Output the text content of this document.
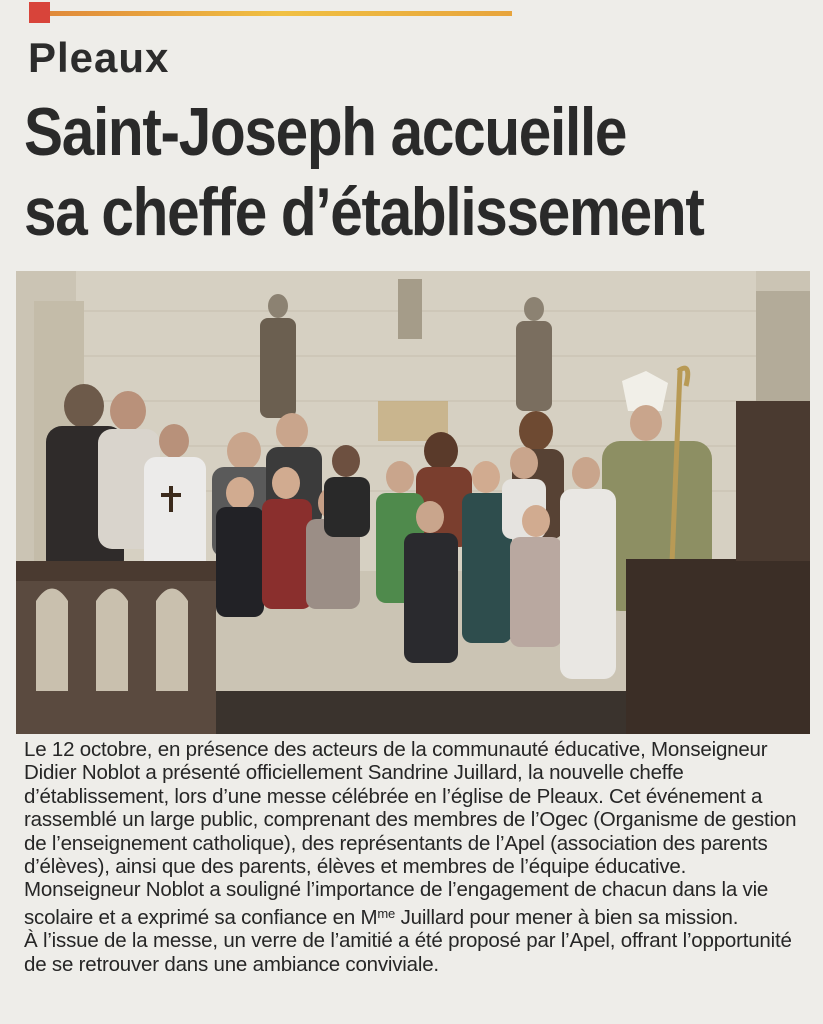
Pleaux
Saint-Joseph accueille
sa cheffe d’établissement

Le 12 octobre, en présence des acteurs de la communauté éducative, Monseigneur Didier Noblot a présenté officiellement Sandrine Juillard, la nouvelle cheffe d’établissement, lors d’une messe célébrée en l’église de Pleaux. Cet événement a rassemblé un large public, comprenant des membres de l’Ogec (Organisme de gestion de l’enseignement catholique), des représentants de l’Apel (association des parents d’élèves), ainsi que des parents, élèves et membres de l’équipe éducative. Monseigneur Noblot a souligné l’importance de l’engagement de chacun dans la vie scolaire et a exprimé sa confiance en $M^{me}$ Juillard pour mener à bien sa mission.

À l’issue de la messe, un verre de l’amitié a été proposé par l’Apel, offrant l’opportunité de se retrouver dans une ambiance conviviale.
